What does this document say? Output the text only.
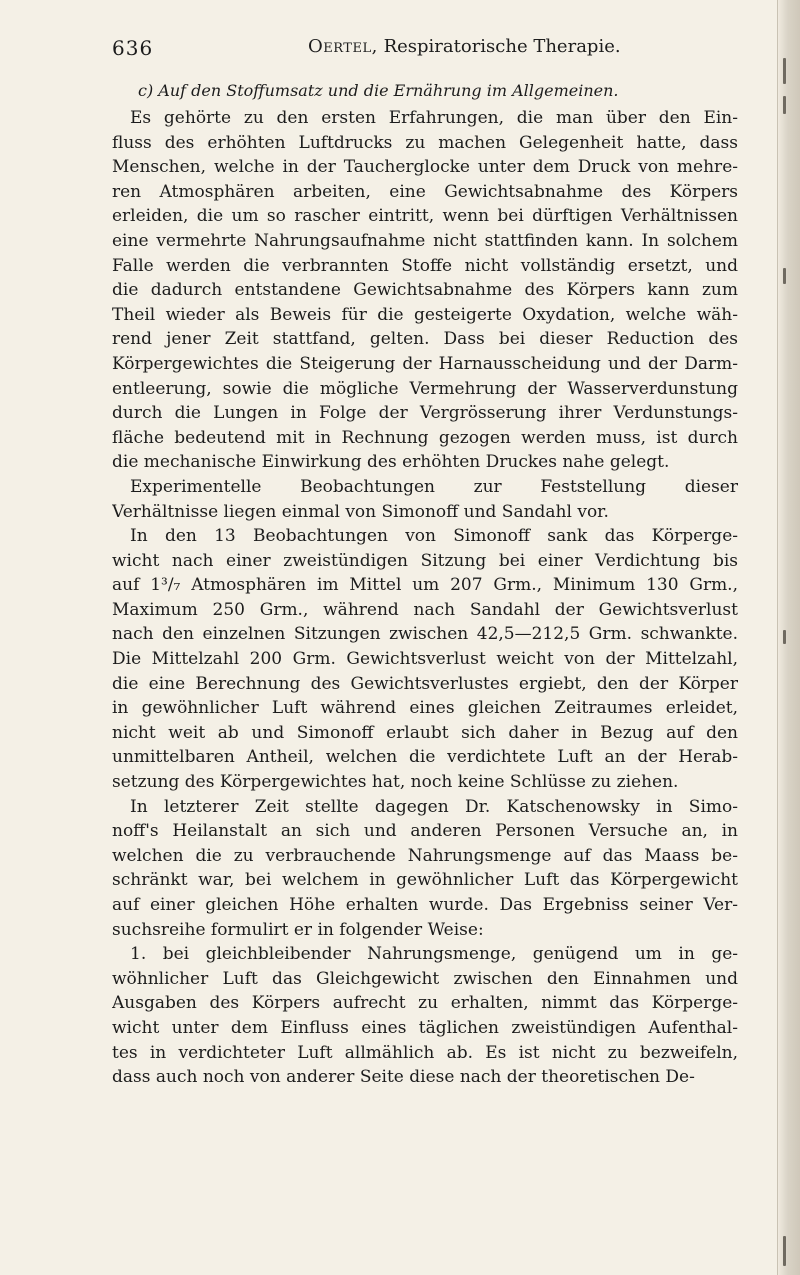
636	Oertel, Respiratorische Therapie.
c) Auf den Stoffumsatz und die Ernährung im Allgemeinen.
Es gehörte zu den ersten Erfahrungen, die man über den Ein-
fluss des erhöhten Luftdrucks zu machen Gelegenheit hatte, dass
Menschen, welche in der Taucherglocke unter dem Druck von mehre-
ren Atmosphären arbeiten, eine Gewichtsabnahme des Körpers
erleiden, die um so rascher eintritt, wenn bei dürftigen Verhältnissen
eine vermehrte Nahrungsaufnahme nicht stattfinden kann. In solchem
Falle werden die verbrannten Stoffe nicht vollständig ersetzt, und
die dadurch entstandene Gewichtsabnahme des Körpers kann zum
Theil wieder als Beweis für die gesteigerte Oxydation, welche wäh-
rend jener Zeit stattfand, gelten. Dass bei dieser Reduction des
Körpergewichtes die Steigerung der Harnausscheidung und der Darm-
entleerung, sowie die mögliche Vermehrung der Wasserverdunstung
durch die Lungen in Folge der Vergrösserung ihrer Verdunstungs-
fläche bedeutend mit in Rechnung gezogen werden muss, ist durch
die mechanische Einwirkung des erhöhten Druckes nahe gelegt.
Experimentelle Beobachtungen zur Feststellung dieser
Verhältnisse liegen einmal von Simonoff und Sandahl vor.
In den 13 Beobachtungen von Simonoff sank das Körperge-
wicht nach einer zweistündigen Sitzung bei einer Verdichtung bis
auf 1³/₇ Atmosphären im Mittel um 207 Grm., Minimum 130 Grm.,
Maximum 250 Grm., während nach Sandahl der Gewichtsverlust
nach den einzelnen Sitzungen zwischen 42,5—212,5 Grm. schwankte.
Die Mittelzahl 200 Grm. Gewichtsverlust weicht von der Mittelzahl,
die eine Berechnung des Gewichtsverlustes ergiebt, den der Körper
in gewöhnlicher Luft während eines gleichen Zeitraumes erleidet,
nicht weit ab und Simonoff erlaubt sich daher in Bezug auf den
unmittelbaren Antheil, welchen die verdichtete Luft an der Herab-
setzung des Körpergewichtes hat, noch keine Schlüsse zu ziehen.
In letzterer Zeit stellte dagegen Dr. Katschenowsky in Simo-
noff's Heilanstalt an sich und anderen Personen Versuche an, in
welchen die zu verbrauchende Nahrungsmenge auf das Maass be-
schränkt war, bei welchem in gewöhnlicher Luft das Körpergewicht
auf einer gleichen Höhe erhalten wurde. Das Ergebniss seiner Ver-
suchsreihe formulirt er in folgender Weise:
1. bei gleichbleibender Nahrungsmenge, genügend um in ge-
wöhnlicher Luft das Gleichgewicht zwischen den Einnahmen und
Ausgaben des Körpers aufrecht zu erhalten, nimmt das Körperge-
wicht unter dem Einfluss eines täglichen zweistündigen Aufenthal-
tes in verdichteter Luft allmählich ab. Es ist nicht zu bezweifeln,
dass auch noch von anderer Seite diese nach der theoretischen De-
